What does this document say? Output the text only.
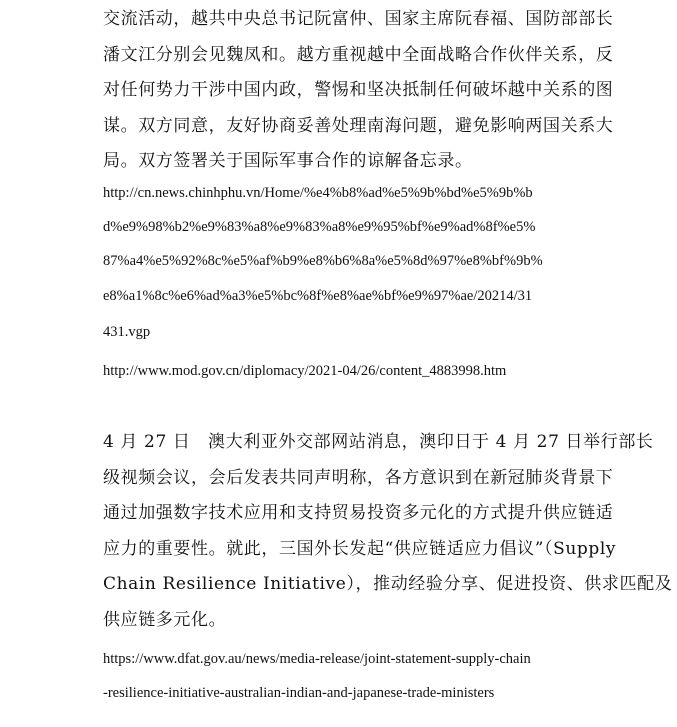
交流活动，越共中央总书记阮富仲、国家主席阮春福、国防部部长
潘文江分别会见魏凤和。越方重视越中全面战略合作伙伴关系，反
对任何势力干涉中国内政，警惕和坚决抵制任何破坏越中关系的图
谋。双方同意，友好协商妥善处理南海问题，避免影响两国关系大
局。双方签署关于国际军事合作的谅解备忘录。
http://cn.news.chinhphu.vn/Home/%e4%b8%ad%e5%9b%bd%e5%9b%b
d%e9%98%b2%e9%83%a8%e9%83%a8%e9%95%bf%e9%ad%8f%e5%
87%a4%e5%92%8c%e5%af%b9%e8%b6%8a%e5%8d%97%e8%bf%9b%
e8%a1%8c%e6%ad%a3%e5%bc%8f%e8%ae%bf%e9%97%ae/20214/31
431.vgp
http://www.mod.gov.cn/diplomacy/2021-04/26/content_4883998.htm
4 月 27 日　澳大利亚外交部网站消息，澳印日于 4 月 27 日举行部长
级视频会议，会后发表共同声明称，各方意识到在新冠肺炎背景下
通过加强数字技术应用和支持贸易投资多元化的方式提升供应链适
应力的重要性。就此，三国外长发起“供应链适应力倡议”（Supply
Chain Resilience Initiative），推动经验分享、促进投资、供求匹配及
供应链多元化。
https://www.dfat.gov.au/news/media-release/joint-statement-supply-chain
-resilience-initiative-australian-indian-and-japanese-trade-ministers
